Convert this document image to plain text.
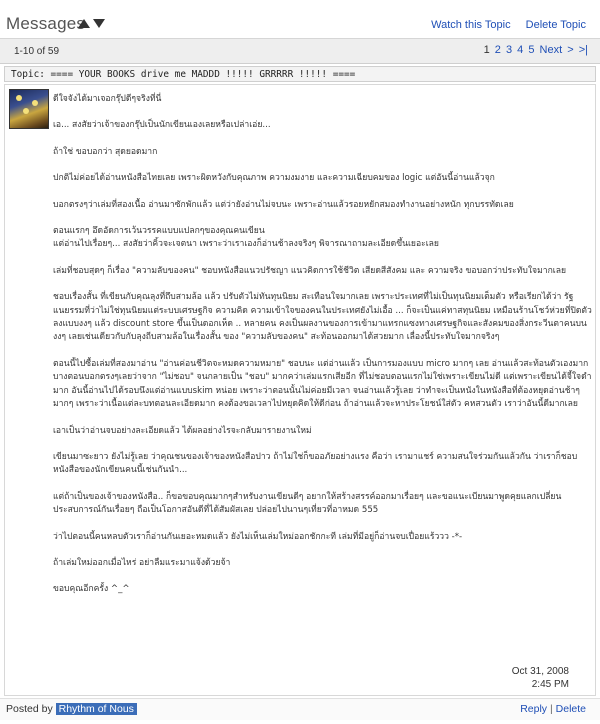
Messages	Watch this Topic Delete Topic
1-10 of 59	1 2 3 4 5 Next > >|
Topic: ==== YOUR BOOKS drive me MADDD !!!!! GRRRRR !!!!! ====

ดีใจจังได้มาเจอกรุ๊ปดีๆจริงที่นี่

เอ... สงสัยว่าเจ้าของกรุ๊ปเป็นนักเขียนเองเลยหรือเปล่าเอ่ย...

ถ้าใช่ ขอบอกว่า สุดยอดมาก

ปกติไม่ค่อยได้อ่านหนังสือไทยเลย เพราะผิดหวังกับคุณภาพ ความงมงาย และความเฉียบคมของ logic แต่อันนี้อ่านแล้วจุก

บอกตรงๆว่าเล่มที่สองเนื้อ อ่านมาซักพักแล้ว แต่ว่ายังอ่านไม่จบนะ เพราะอ่านแล้วรอยหยักสมองทำงานอย่างหนัก ทุกบรรทัดเลย

ตอนแรกๆ อึดอัดการเว้นวรรคแบบแปลกๆของคุณคนเขียน
แต่อ่านไปเรื่อยๆ... สงสัยว่าคิ้วจะเจตนา เพราะว่าเราเองก็อ่านช้าลงจริงๆ พิจารณาถามละเอียดขึ้นเยอะเลย

เล่มที่ชอบสุดๆ ก็เรื่อง "ความลับของคน" ชอบหนังสือแนวปรัชญา แนวคิดการใช้ชีวิต เสียดสีสังคม และ ความจริง ขอบอกว่าประทับใจมากเลย

ชอบเรื่องสั้น ที่เขียนกับคุณลุงที่ถึบสามล้อ แล้ว ปรับตัวไม่ทันทุนนิยม สะเทือนใจมากเลย เพราะประเทศที่ไม่เป็นทุนนิยมเต็มตัว หรือเรียกได้ว่า รัฐแนยรรมที่ว่าไม่ใช่ทุนนิยมแต่ระบบเศรษฐกิจ ความคิด ความเข้าใจของคนในประเทศยังไม่เอื้อ ... ก็จะเป็นแค่ทาสทุนนิยม เหมือนร้านโชว์ห่วยที่ปิดตัวลงแบบงงๆ แล้ว discount store ขึ้นเป็นดอกเห็ด .. หลายคน คงเป็นผลงานของการเข้ามาแทรกแซงทางเศรษฐกิจและสังคมของสิ่งกระวีนตาคนบน งงๆ เลยเช่นเดียวกับกับลุงถีบสามล้อในเรื่องสั้น ของ "ความลับของคน" สะท้อนออกมาได้สวยมาก เลื่องนี้ประทับใจมากจริงๆ

ตอนนี้ไปซื้อเล่มที่สองมาอ่าน "อ่านค่อนชีวิตจะหมดความหมาย" ชอบนะ แต่อ่านแล้ว เป็นการมองแบบ micro มากๆ เลย อ่านแล้วสะท้อนตัวเองมาก บางตอนบอกตรงๆเลยว่าจาก "ไม่ชอบ" จนกลายเป็น "ชอบ" มากคว่าเล่มแรกเสียอีก ที่ไม่ชอบตอนแรกไม่ใช่เพราะเขียนไม่ดี แต่เพราะเขียนได้จี้ใจดำมาก อันนี้อ่านไปได้รอบนึงแต่อ่านแบบskim หน่อย เพราะว่าตอนนั้นไม่ค่อยมีเวลา จนอ่านแล้วรู้เลย ว่าทำจะเป็นหนังในหนังสือที่ต้องหยุดอ่านช้าๆมากๆ เพราะว่าเนื้อแต่ละบทตอนละเอียดมาก คงต้องขอเวลาไปหยุดคิดให้ดีก่อน ถ้าอ่านแล้วจะหาประโยชน์ใส่ตัว คหสวนตัว เราว่าอันนี้ดีมากเลย

เอาเป็นว่าอ่านจบอย่างละเอียดแล้ว ได้ผลอย่างไรจะกลับมารายงานใหม่

เขียนมาซะยาว ยังไม่รู้เลย ว่าคุณชนของเจ้าของหนังสือปาว ถ้าไม่ใช่ก็ขออภัยอย่างแรง คือว่า เรามาแชร์ ความสนใจร่วมกันแล้วกัน ว่าเราก็ชอบหนังสือของนักเขียนคนนี้เช่นกันนํา...

แต่ถ้าเป็นของเจ้าของหนังสือ.. ก็ขอขอบคุณมากๆสำหรับงานเขียนดีๆ อยากให้สร้างสรรค์ออกมาเรื่อยๆ และขอแนะเบียนมาพูดคุยแลกเปลี่ยนประสบการณ์กันเรื่อยๆ ถือเป็นโอกาสอันดีที่ได้สัมผัสเลย ปล่อยไปนานๆเที่ยวที่อาหมด 555

ว่าไปตอนนี้คนหลบตัวเราก็อ่านกันเยอะหมดแล้ว ยังไม่เห็นเล่มใหม่ออกชักกะที เล่มที่มีอยู่ก็อ่านจบเปื่อยแร้ววว -*-

ถ้าเล่มใหม่ออกเมื่อไหร่ อย่าลืมแระมาแจ้งด้วยจ้า

ขอบคุณอีกครั้ง ^_^

Oct 31, 2008
2:45 PM
Posted by Rhythm of Nous	Reply | Delete
